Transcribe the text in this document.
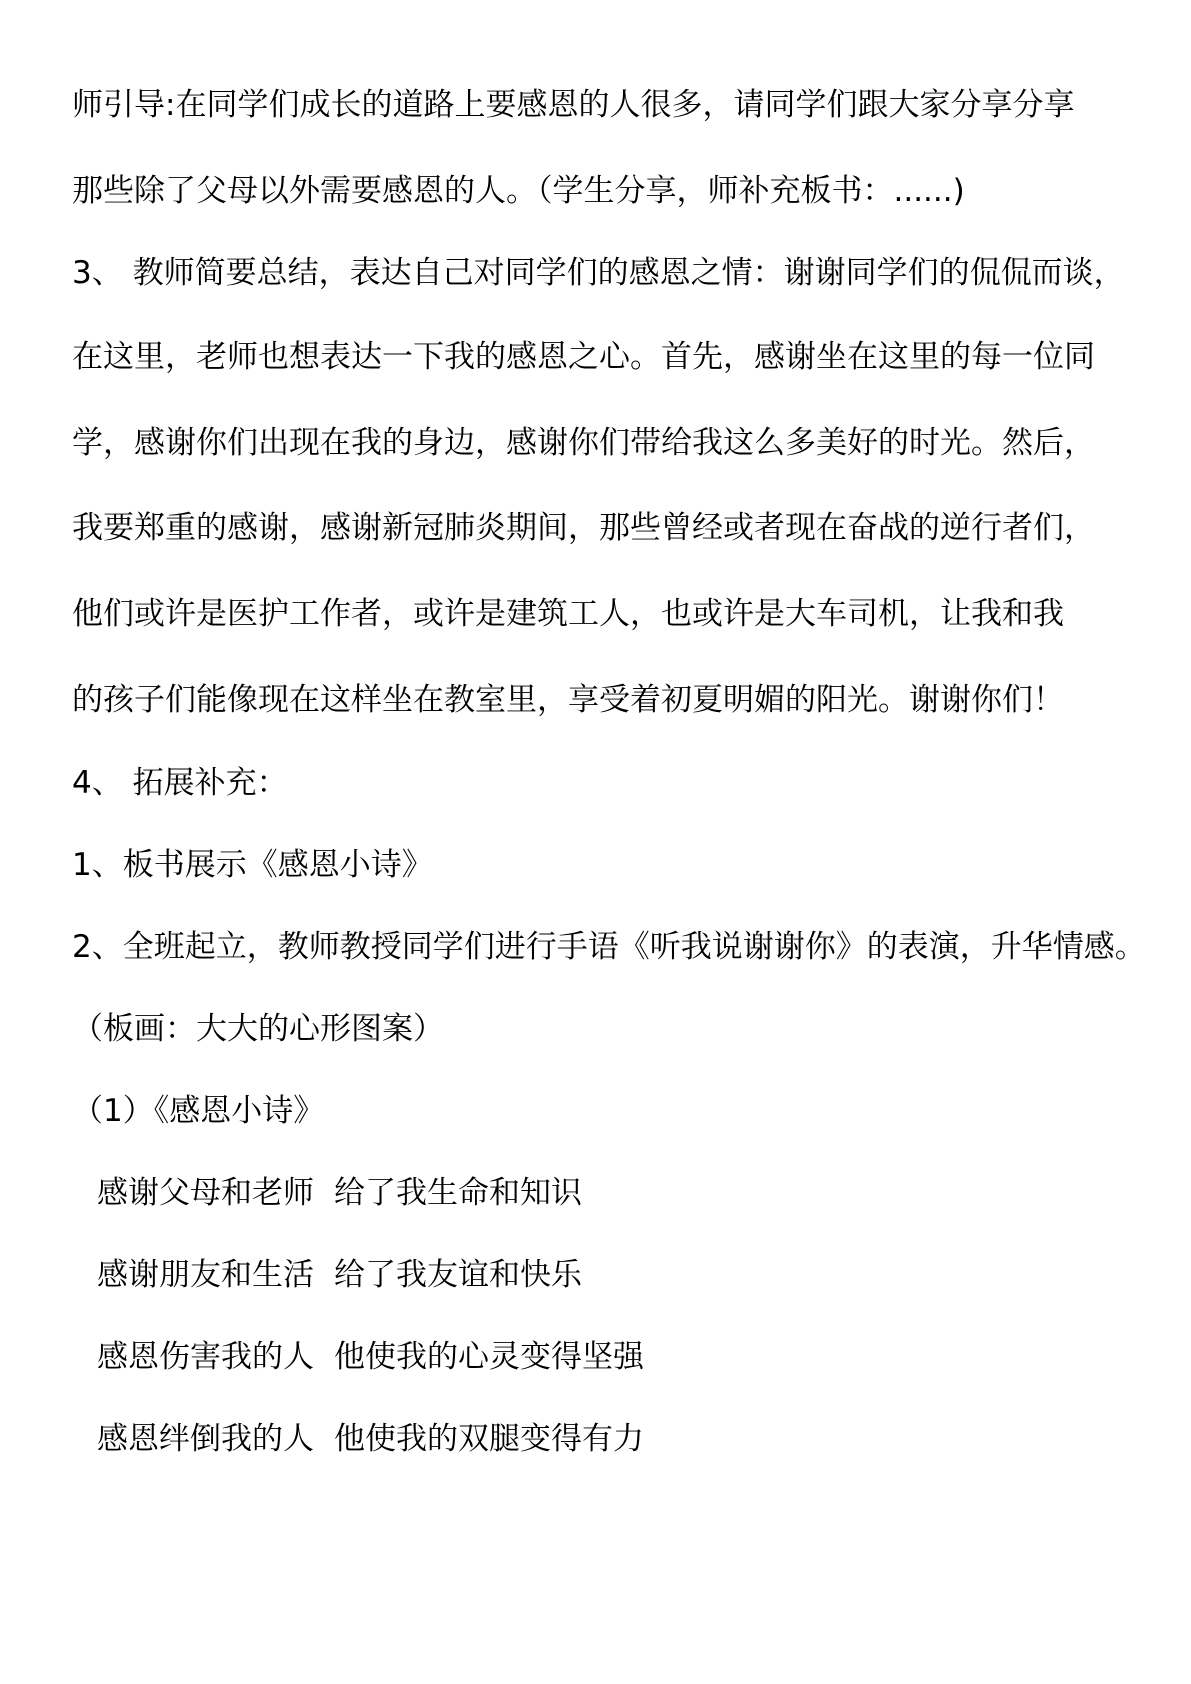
师引导:在同学们成长的道路上要感恩的人很多，请同学们跟大家分享分享
那些除了父母以外需要感恩的人。（学生分享，师补充板书：......)
3、 教师简要总结，表达自己对同学们的感恩之情：谢谢同学们的侃侃而谈，
在这里，老师也想表达一下我的感恩之心。首先，感谢坐在这里的每一位同
学，感谢你们出现在我的身边，感谢你们带给我这么多美好的时光。然后，
我要郑重的感谢，感谢新冠肺炎期间，那些曾经或者现在奋战的逆行者们，
他们或许是医护工作者，或许是建筑工人，也或许是大车司机，让我和我
的孩子们能像现在这样坐在教室里，享受着初夏明媚的阳光。谢谢你们！
4、 拓展补充：
1、板书展示《感恩小诗》
2、全班起立，教师教授同学们进行手语《听我说谢谢你》的表演，升华情感。
（板画：大大的心形图案）
（1）《感恩小诗》
感谢父母和老师 给了我生命和知识
感谢朋友和生活 给了我友谊和快乐
感恩伤害我的人 他使我的心灵变得坚强
感恩绊倒我的人 他使我的双腿变得有力
